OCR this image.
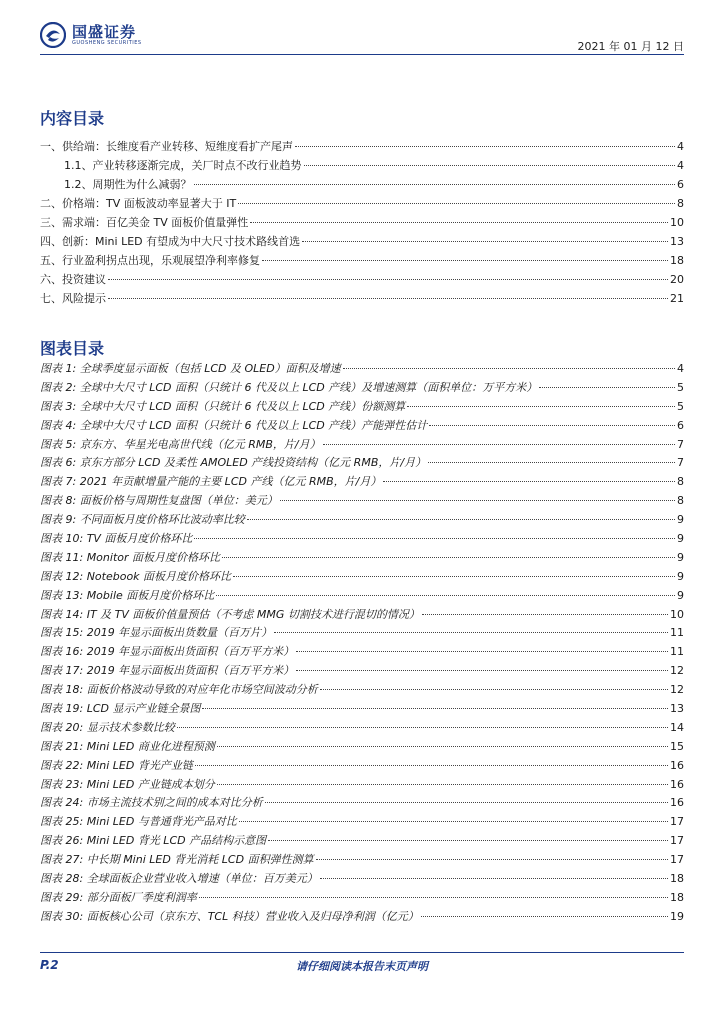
国盛证券
GUOSHENG SECURITIES	2021 年 01 月 12 日
内容目录
一、供给端：长维度看产业转移、短维度看扩产尾声	4
1.1、产业转移逐渐完成，关厂时点不改行业趋势	4
1.2、周期性为什么减弱？	6
二、价格端：TV 面板波动率显著大于 IT	8
三、需求端：百亿美金 TV 面板价值量弹性	10
四、创新：Mini LED 有望成为中大尺寸技术路线首选	13
五、行业盈利拐点出现，乐观展望净利率修复	18
六、投资建议	20
七、风险提示	21
图表目录
图表 1: 全球季度显示面板（包括 LCD 及 OLED）面积及增速	4
图表 2: 全球中大尺寸 LCD 面积（只统计 6 代及以上 LCD 产线）及增速测算（面积单位：万平方米）	5
图表 3: 全球中大尺寸 LCD 面积（只统计 6 代及以上 LCD 产线）份额测算	5
图表 4: 全球中大尺寸 LCD 面积（只统计 6 代及以上 LCD 产线）产能弹性估计	6
图表 5: 京东方、华星光电高世代线（亿元 RMB，片/月）	7
图表 6: 京东方部分 LCD 及柔性 AMOLED 产线投资结构（亿元 RMB，片/月）	7
图表 7: 2021 年贡献增量产能的主要 LCD 产线（亿元 RMB，片/月）	8
图表 8: 面板价格与周期性复盘图（单位：美元）	8
图表 9: 不同面板月度价格环比波动率比较	9
图表 10: TV 面板月度价格环比	9
图表 11: Monitor 面板月度价格环比	9
图表 12: Notebook 面板月度价格环比	9
图表 13: Mobile 面板月度价格环比	9
图表 14: IT 及 TV 面板价值量预估（不考虑 MMG 切割技术进行混切的情况）	10
图表 15: 2019 年显示面板出货数量（百万片）	11
图表 16: 2019 年显示面板出货面积（百万平方米）	11
图表 17: 2019 年显示面板出货面积（百万平方米）	12
图表 18: 面板价格波动导致的对应年化市场空间波动分析	12
图表 19: LCD 显示产业链全景图	13
图表 20: 显示技术参数比较	14
图表 21: Mini LED 商业化进程预测	15
图表 22: Mini LED 背光产业链	16
图表 23: Mini LED 产业链成本划分	16
图表 24: 市场主流技术别之间的成本对比分析	16
图表 25: Mini LED 与普通背光产品对比	17
图表 26: Mini LED 背光 LCD 产品结构示意图	17
图表 27: 中长期 Mini LED 背光消耗 LCD 面积弹性测算	17
图表 28: 全球面板企业营业收入增速（单位：百万美元）	18
图表 29: 部分面板厂季度利润率	18
图表 30: 面板核心公司（京东方、TCL 科技）营业收入及归母净利润（亿元）	19
P.2	请仔细阅读本报告末页声明
